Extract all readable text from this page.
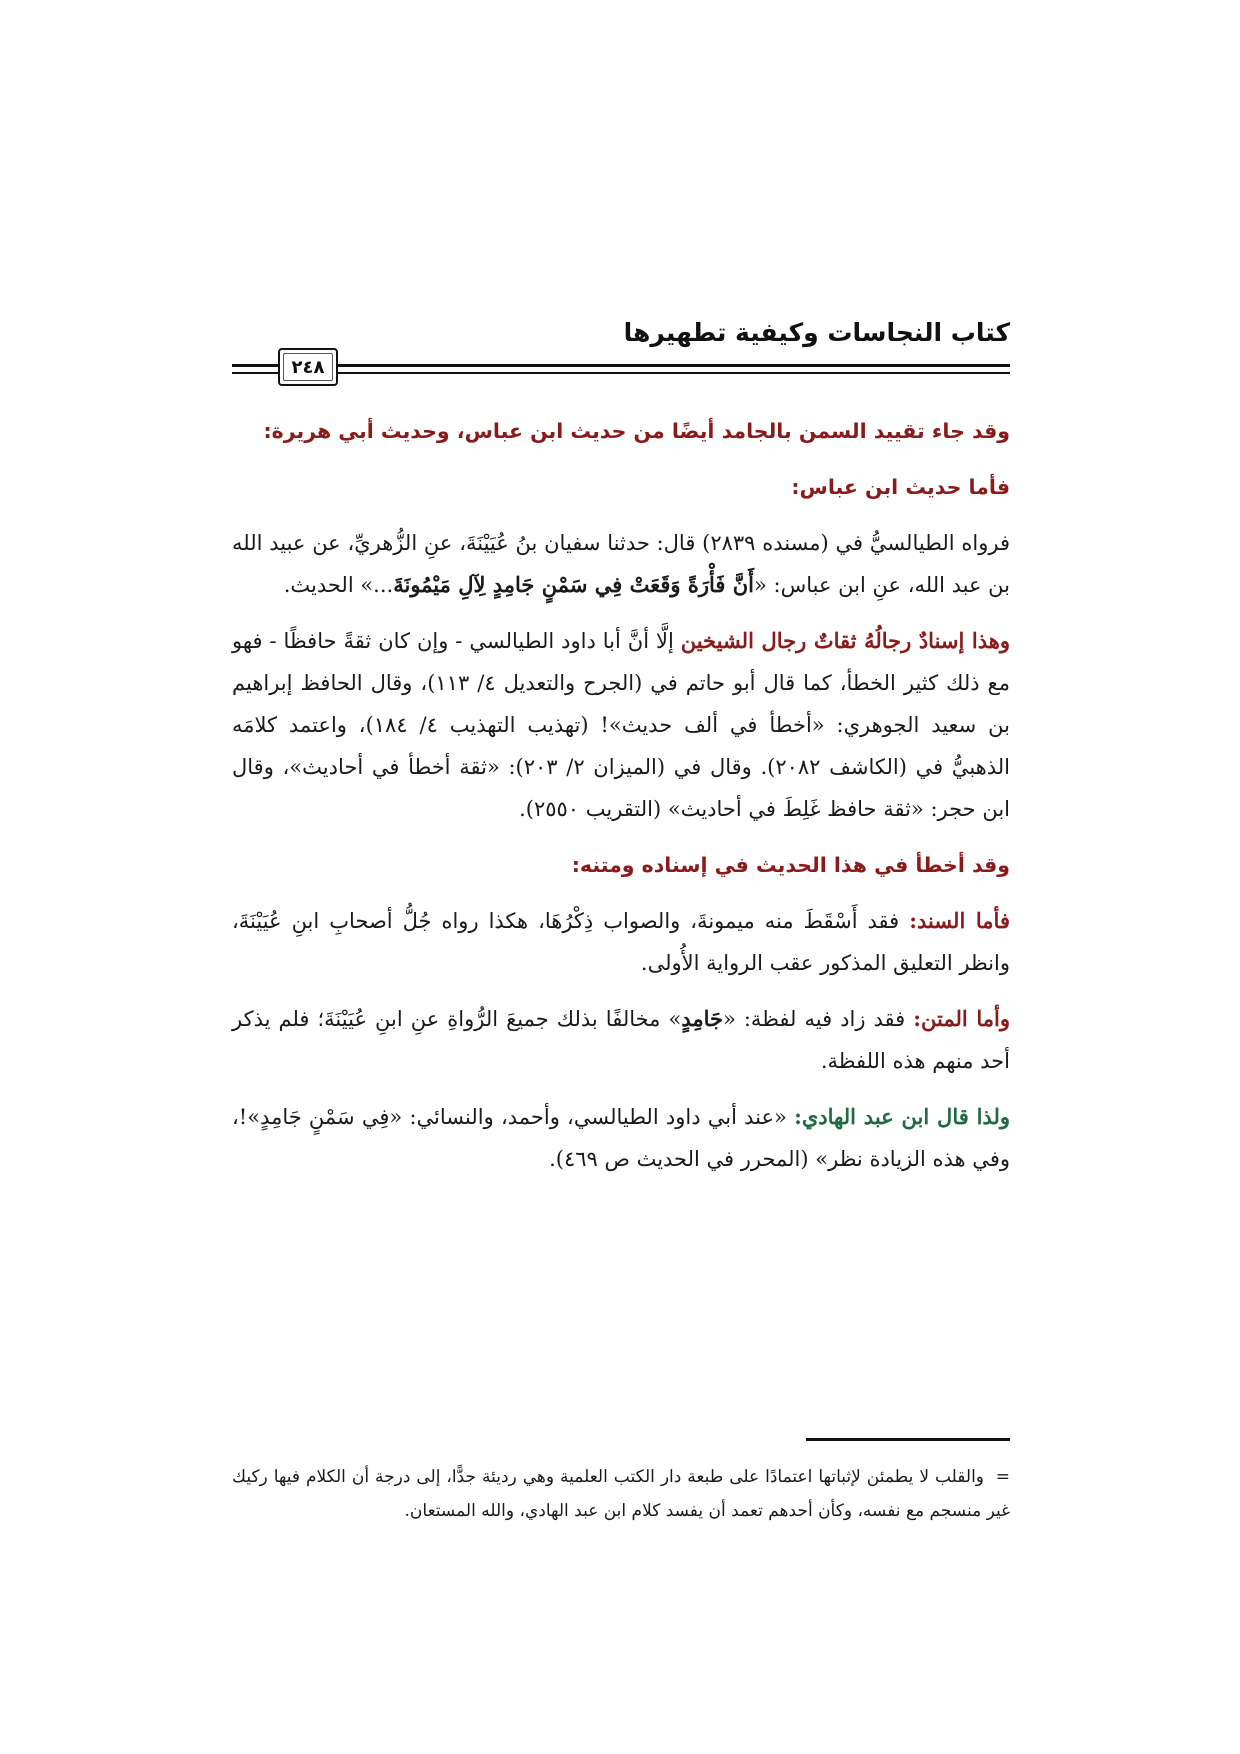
كتاب النجاسات وكيفية تطهيرها
٢٤٨

وقد جاء تقييد السمن بالجامد أيضًا من حديث ابن عباس، وحديث أبي هريرة:

فأما حديث ابن عباس:

فرواه الطيالسيُّ في (مسنده ٢٨٣٩) قال: حدثنا سفيان بنُ عُيَيْنَةَ، عنِ الزُّهريِّ، عن عبيد الله بن عبد الله، عنِ ابن عباس: «أَنَّ فَأْرَةً وَقَعَتْ فِي سَمْنٍ جَامِدٍ لِآلِ مَيْمُونَةَ...» الحديث.

وهذا إسنادٌ رجالُهُ ثقاتٌ رجال الشيخين إلَّا أنَّ أبا داود الطيالسي - وإن كان ثقةً حافظًا - فهو مع ذلك كثير الخطأ، كما قال أبو حاتم في (الجرح والتعديل ٤/ ١١٣)، وقال الحافظ إبراهيم بن سعيد الجوهري: «أخطأ في ألف حديث»! (تهذيب التهذيب ٤/ ١٨٤)، واعتمد كلامَه الذهبيُّ في (الكاشف ٢٠٨٢). وقال في (الميزان ٢/ ٢٠٣): «ثقة أخطأ في أحاديث»، وقال ابن حجر: «ثقة حافظ غَلِطَ في أحاديث» (التقريب ٢٥٥٠).

وقد أخطأ في هذا الحديث في إسناده ومتنه:

فأما السند: فقد أَسْقَطَ منه ميمونةَ، والصواب ذِكْرُهَا، هكذا رواه جُلُّ أصحابِ ابنِ عُيَيْنَةَ، وانظر التعليق المذكور عقب الرواية الأُولى.

وأما المتن: فقد زاد فيه لفظة: «جَامِدٍ» مخالفًا بذلك جميعَ الرُّواةِ عنِ ابنِ عُيَيْنَةَ؛ فلم يذكر أحد منهم هذه اللفظة.

ولذا قال ابن عبد الهادي: «عند أبي داود الطيالسي، وأحمد، والنسائي: «فِي سَمْنٍ جَامِدٍ»!، وفي هذه الزيادة نظر» (المحرر في الحديث ص ٤٦٩).

=والقلب لا يطمئن لإثباتها اعتمادًا على طبعة دار الكتب العلمية وهي رديئة جدًّا، إلى درجة أن الكلام فيها ركيك غير منسجم مع نفسه، وكأن أحدهم تعمد أن يفسد كلام ابن عبد الهادي، والله المستعان.
